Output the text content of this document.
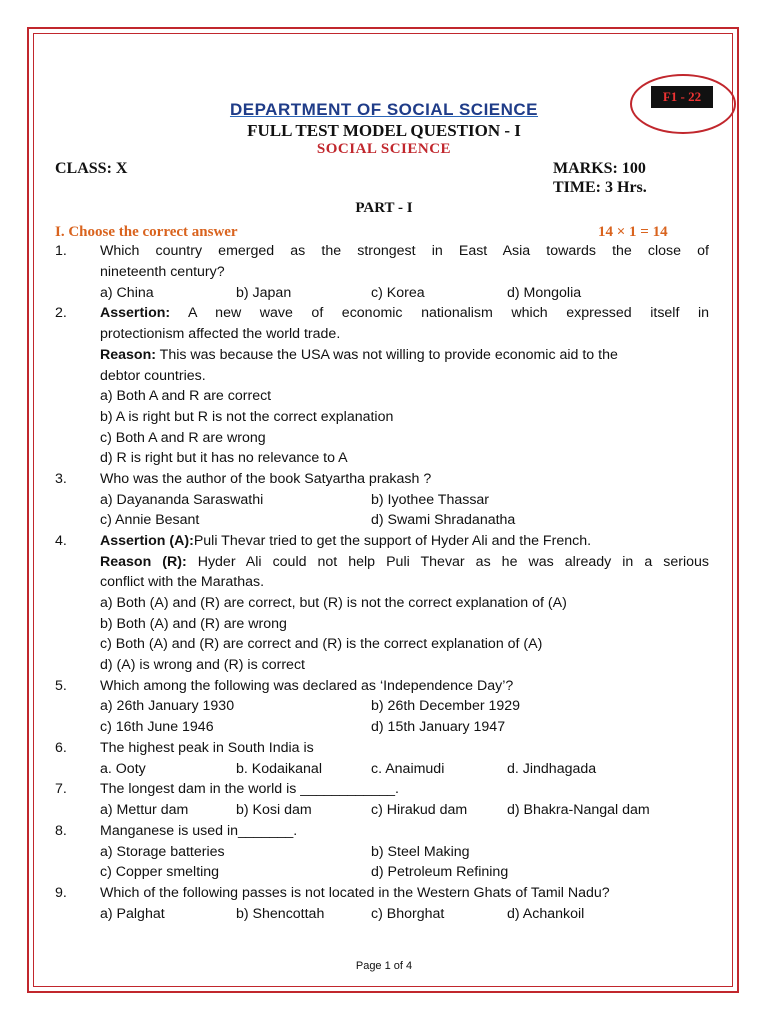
F1 - 22
DEPARTMENT OF SOCIAL SCIENCE
FULL TEST MODEL QUESTION - I
SOCIAL SCIENCE
CLASS: X	MARKS: 100
TIME: 3 Hrs.
PART - I
I. Choose the correct answer	14 × 1 = 14
1. Which country emerged as the strongest in East Asia towards the close of
nineteenth century?
a) China	b) Japan	c) Korea	d) Mongolia
2. Assertion: A new wave of economic nationalism which expressed itself in
protectionism affected the world trade.
Reason: This was because the USA was not willing to provide economic aid to the
debtor countries.
a) Both A and R are correct
b) A is right but R is not the correct explanation
c) Both A and R are wrong
d) R is right but it has no relevance to A
3. Who was the author of the book Satyartha prakash ?
a) Dayananda Saraswathi	b) Iyothee Thassar
c) Annie Besant	d) Swami Shradanatha
4. Assertion (A):Puli Thevar tried to get the support of Hyder Ali and the French.
Reason (R): Hyder Ali could not help Puli Thevar as he was already in a serious
conflict with the Marathas.
a) Both (A) and (R) are correct, but (R) is not the correct explanation of (A)
b) Both (A) and (R) are wrong
c) Both (A) and (R) are correct and (R) is the correct explanation of (A)
d) (A) is wrong and (R) is correct
5. Which among the following was declared as ‘Independence Day’?
a) 26th January 1930	b) 26th December 1929
c) 16th June 1946	d) 15th January 1947
6. The highest peak in South India is
a. Ooty	b. Kodaikanal	c. Anaimudi	d. Jindhagada
7. The longest dam in the world is ____________.
a) Mettur dam	b) Kosi dam	c) Hirakud dam	d) Bhakra-Nangal dam
8. Manganese is used in_______.
a) Storage batteries	b) Steel Making
c) Copper smelting	d) Petroleum Refining
9. Which of the following passes is not located in the Western Ghats of Tamil Nadu?
a) Palghat	b) Shencottah	c) Bhorghat	d) Achankoil
Page 1 of 4
